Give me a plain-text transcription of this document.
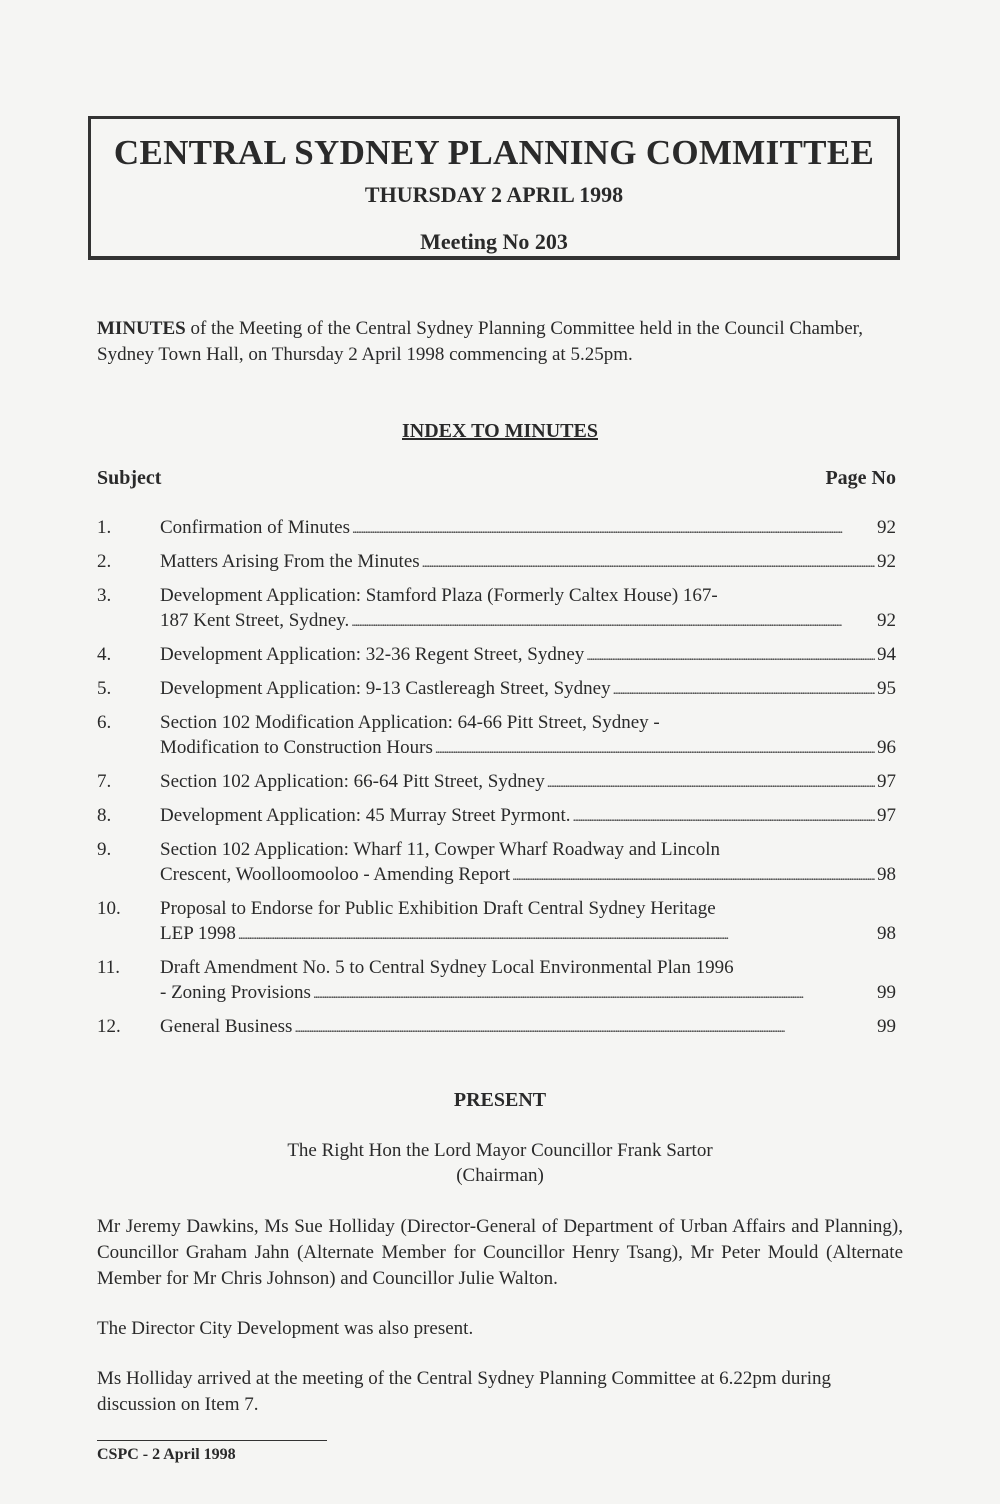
CENTRAL SYDNEY PLANNING COMMITTEE
THURSDAY 2 APRIL 1998
Meeting No 203
MINUTES of the Meeting of the Central Sydney Planning Committee held in the Council Chamber, Sydney Town Hall, on Thursday 2 April 1998 commencing at 5.25pm.
INDEX TO MINUTES
Subject	Page No
1.	Confirmation of Minutes . . .	92
2.	Matters Arising From the Minutes . . .	92
3.	Development Application: Stamford Plaza (Formerly Caltex House) 167-
187 Kent Street, Sydney. . . .	92
4.	Development Application: 32-36 Regent Street, Sydney . . .	94
5.	Development Application: 9-13 Castlereagh Street, Sydney . . .	95
6.	Section 102 Modification Application: 64-66 Pitt Street, Sydney -
Modification to Construction Hours . . .	96
7.	Section 102 Application: 66-64 Pitt Street, Sydney . . .	97
8.	Development Application: 45 Murray Street Pyrmont. . . .	97
9.	Section 102 Application: Wharf 11, Cowper Wharf Roadway and Lincoln
Crescent, Woolloomooloo - Amending Report . . .	98
10.	Proposal to Endorse for Public Exhibition Draft Central Sydney Heritage
LEP 1998 . . .	98
11.	Draft Amendment No. 5 to Central Sydney Local Environmental Plan 1996
- Zoning Provisions . . .	99
12.	General Business . . .	99
PRESENT
The Right Hon the Lord Mayor Councillor Frank Sartor
(Chairman)
Mr Jeremy Dawkins, Ms Sue Holliday (Director-General of Department of Urban Affairs and Planning), Councillor Graham Jahn (Alternate Member for Councillor Henry Tsang), Mr Peter Mould (Alternate Member for Mr Chris Johnson) and Councillor Julie Walton.
The Director City Development was also present.
Ms Holliday arrived at the meeting of the Central Sydney Planning Committee at 6.22pm during discussion on Item 7.
CSPC - 2 April 1998
